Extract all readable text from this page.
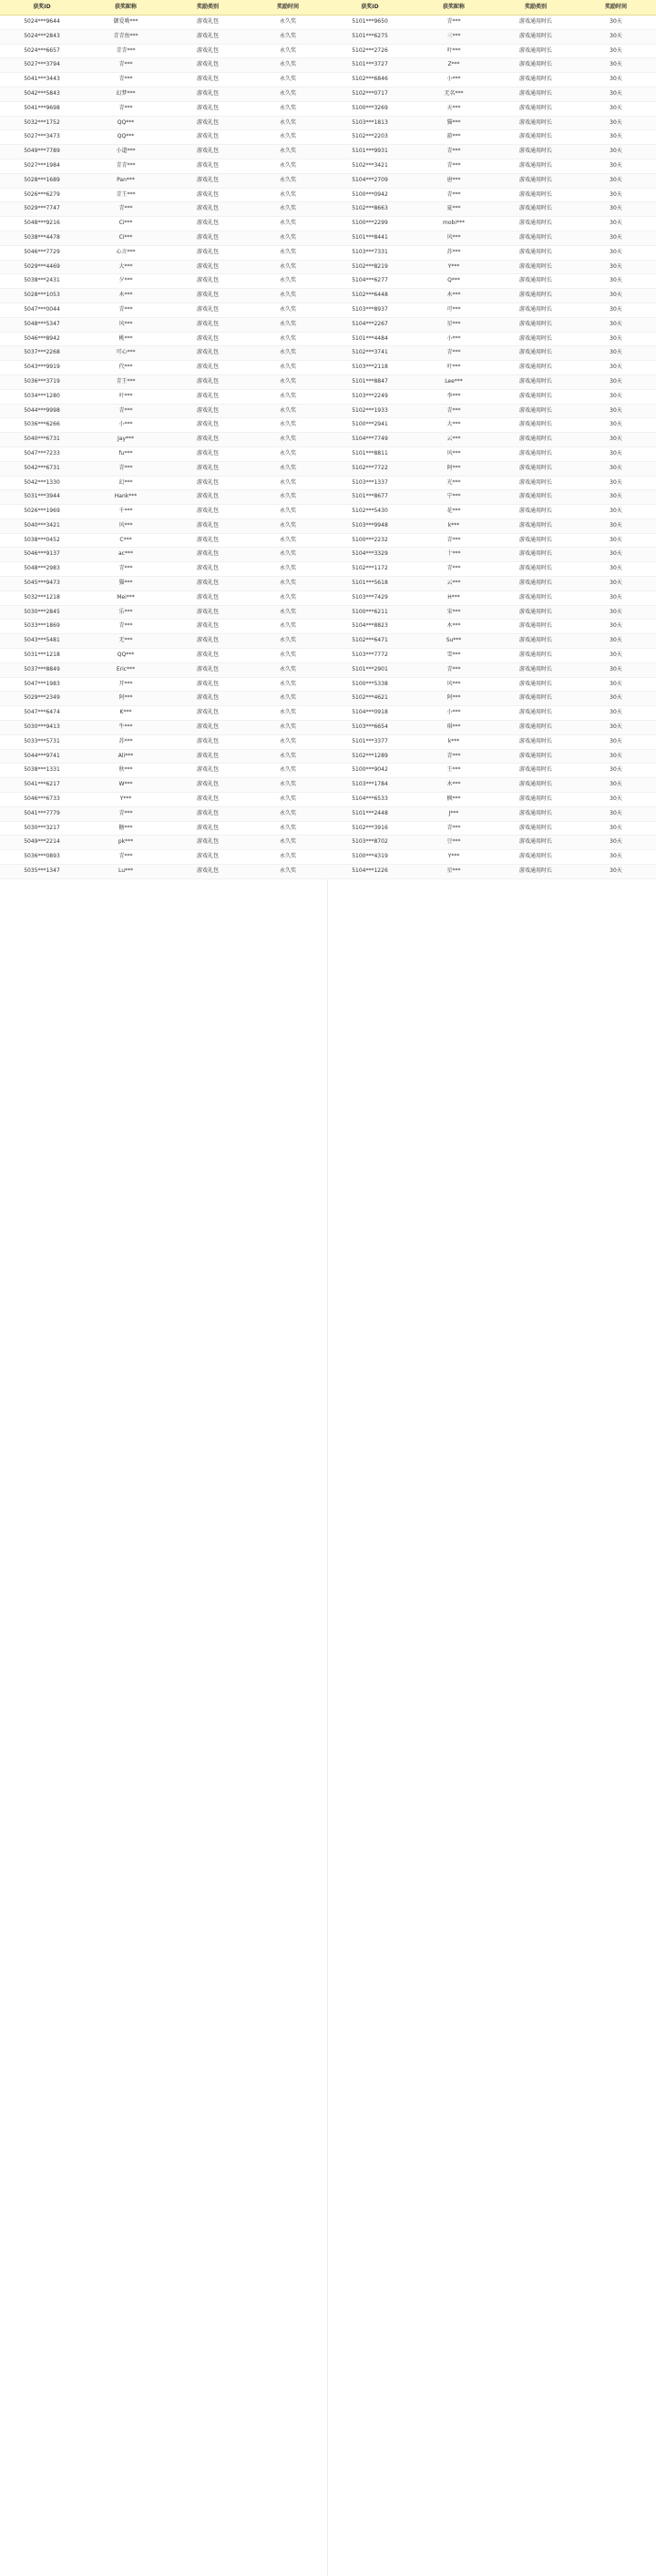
获奖ID	获奖昵称	奖励类别	奖励时间
5024***9644	御爱呦***	游戏礼包	永久奖
5024***2843	青青鱼***	游戏礼包	永久奖
5024***6657	青青***	游戏礼包	永久奖
5027***3794	青***	游戏礼包	永久奖
5041***3443	青***	游戏礼包	永久奖
5042***5843	幻梦***	游戏礼包	永久奖
5041***9698	青***	游戏礼包	永久奖
5032***1752	QQ***	游戏礼包	永久奖
5027***3473	QQ***	游戏礼包	永久奖
5049***7789	小道***	游戏礼包	永久奖
5027***1984	青青***	游戏礼包	永久奖
5028***1689	Pan***	游戏礼包	永久奖
5026***6279	青王***	游戏礼包	永久奖
5029***7747	青***	游戏礼包	永久奖
5048***9216	Ci***	游戏礼包	永久奖
5038***4478	Ci***	游戏礼包	永久奖
5046***7729	心言***	游戏礼包	永久奖
5029***4469	大***	游戏礼包	永久奖
5038***2431	夕***	游戏礼包	永久奖
5028***1053	木***	游戏礼包	永久奖
5047***0044	青***	游戏礼包	永久奖
5048***5347	风***	游戏礼包	永久奖
5046***8942	桃***	游戏礼包	永久奖
5037***2268	可心***	游戏礼包	永久奖
5043***9919	代***	游戏礼包	永久奖
5036***3719	青王***	游戏礼包	永久奖
5034***1280	叶***	游戏礼包	永久奖
5044***9998	青***	游戏礼包	永久奖
5036***6266	小***	游戏礼包	永久奖
5040***6731	Jay***	游戏礼包	永久奖
5047***7233	fu***	游戏礼包	永久奖
5042***6731	青***	游戏礼包	永久奖
5042***1330	幻***	游戏礼包	永久奖
5031***3944	Hank***	游戏礼包	永久奖
5026***1969	千***	游戏礼包	永久奖
5040***3421	风***	游戏礼包	永久奖
5038***0452	C***	游戏礼包	永久奖
5046***9137	ac***	游戏礼包	永久奖
5048***2983	青***	游戏礼包	永久奖
5045***9473	猫***	游戏礼包	永久奖
5032***1218	Mei***	游戏礼包	永久奖
5030***2845	乐***	游戏礼包	永久奖
5033***1869	青***	游戏礼包	永久奖
5043***5481	无***	游戏礼包	永久奖
5031***1218	QQ***	游戏礼包	永久奖
5037***8849	Eric***	游戏礼包	永久奖
5047***1983	开***	游戏礼包	永久奖
5029***2349	阿***	游戏礼包	永久奖
5047***6474	K***	游戏礼包	永久奖
5030***9413	牛***	游戏礼包	永久奖
5033***5731	苏***	游戏礼包	永久奖
5044***9741	Ali***	游戏礼包	永久奖
5038***1331	秋***	游戏礼包	永久奖
5041***6217	W***	游戏礼包	永久奖
5046***6733	Y***	游戏礼包	永久奖
5041***7779	青***	游戏礼包	永久奖
5030***3217	糖***	游戏礼包	永久奖
5049***2214	pk***	游戏礼包	永久奖
5036***0893	青***	游戏礼包	永久奖
5035***1347	Lu***	游戏礼包	永久奖
获奖ID	获奖昵称	奖励类别	奖励时间
5101***9650	青***	游戏通用时长	30天
5101***6275	三***	游戏通用时长	30天
5102***2726	叶***	游戏通用时长	30天
5101***3727	Z***	游戏通用时长	30天
5102***6846	小***	游戏通用时长	30天
5102***0717	无名***	游戏通用时长	30天
5100***3269	天***	游戏通用时长	30天
5103***1813	猫***	游戏通用时长	30天
5102***2203	游***	游戏通用时长	30天
5101***9931	青***	游戏通用时长	30天
5102***3421	青***	游戏通用时长	30天
5104***2709	唐***	游戏通用时长	30天
5100***0942	青***	游戏通用时长	30天
5102***8663	夏***	游戏通用时长	30天
5100***2299	mobi***	游戏通用时长	30天
5101***8441	风***	游戏通用时长	30天
5103***7331	苏***	游戏通用时长	30天
5102***8219	Y***	游戏通用时长	30天
5104***6277	Q***	游戏通用时长	30天
5102***6448	木***	游戏通用时长	30天
5103***8937	可***	游戏通用时长	30天
5104***2267	星***	游戏通用时长	30天
5101***4484	小***	游戏通用时长	30天
5102***3741	青***	游戏通用时长	30天
5103***2118	叶***	游戏通用时长	30天
5101***8847	Lee***	游戏通用时长	30天
5103***2249	李***	游戏通用时长	30天
5102***1933	青***	游戏通用时长	30天
5100***2941	大***	游戏通用时长	30天
5104***7749	云***	游戏通用时长	30天
5101***8811	风***	游戏通用时长	30天
5102***7722	阿***	游戏通用时长	30天
5103***1337	光***	游戏通用时长	30天
5101***8677	宁***	游戏通用时长	30天
5102***5430	花***	游戏通用时长	30天
5103***9948	k***	游戏通用时长	30天
5100***2232	青***	游戏通用时长	30天
5104***3329	十***	游戏通用时长	30天
5102***1172	青***	游戏通用时长	30天
5101***5618	云***	游戏通用时长	30天
5103***7429	H***	游戏通用时长	30天
5100***6211	宋***	游戏通用时长	30天
5104***8823	木***	游戏通用时长	30天
5102***6471	Su***	游戏通用时长	30天
5103***7772	雪***	游戏通用时长	30天
5101***2901	青***	游戏通用时长	30天
5100***5338	风***	游戏通用时长	30天
5102***4621	阿***	游戏通用时长	30天
5104***0918	小***	游戏通用时长	30天
5103***6654	琪***	游戏通用时长	30天
5101***3377	k***	游戏通用时长	30天
5102***1289	青***	游戏通用时长	30天
5100***9042	王***	游戏通用时长	30天
5103***1784	木***	游戏通用时长	30天
5104***6533	枫***	游戏通用时长	30天
5101***2448	J***	游戏通用时长	30天
5102***3916	青***	游戏通用时长	30天
5103***8702	豆***	游戏通用时长	30天
5100***4319	Y***	游戏通用时长	30天
5104***1226	星***	游戏通用时长	30天
